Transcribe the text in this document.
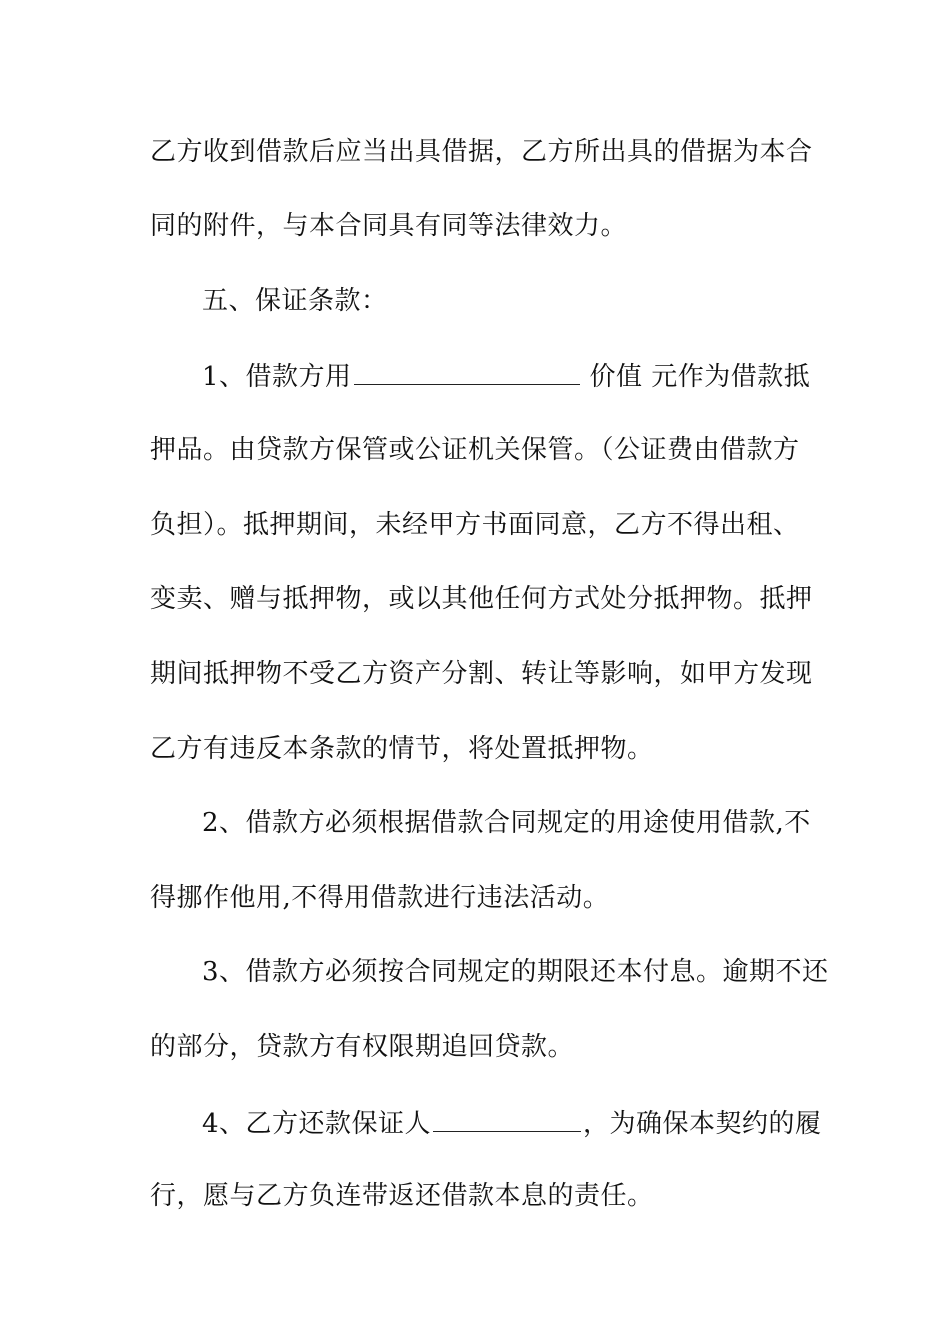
乙方收到借款后应当出具借据，乙方所出具的借据为本合
同的附件，与本合同具有同等法律效力。
五、保证条款：
1、借款方用	价值 元作为借款抵
押品。由贷款方保管或公证机关保管。（公证费由借款方
负担）。抵押期间，未经甲方书面同意，乙方不得出租、
变卖、赠与抵押物，或以其他任何方式处分抵押物。抵押
期间抵押物不受乙方资产分割、转让等影响，如甲方发现
乙方有违反本条款的情节，将处置抵押物。
2、借款方必须根据借款合同规定的用途使用借款,不
得挪作他用,不得用借款进行违法活动。
3、借款方必须按合同规定的期限还本付息。逾期不还
的部分，贷款方有权限期追回贷款。
4、乙方还款保证人	，为确保本契约的履
行，愿与乙方负连带返还借款本息的责任。
